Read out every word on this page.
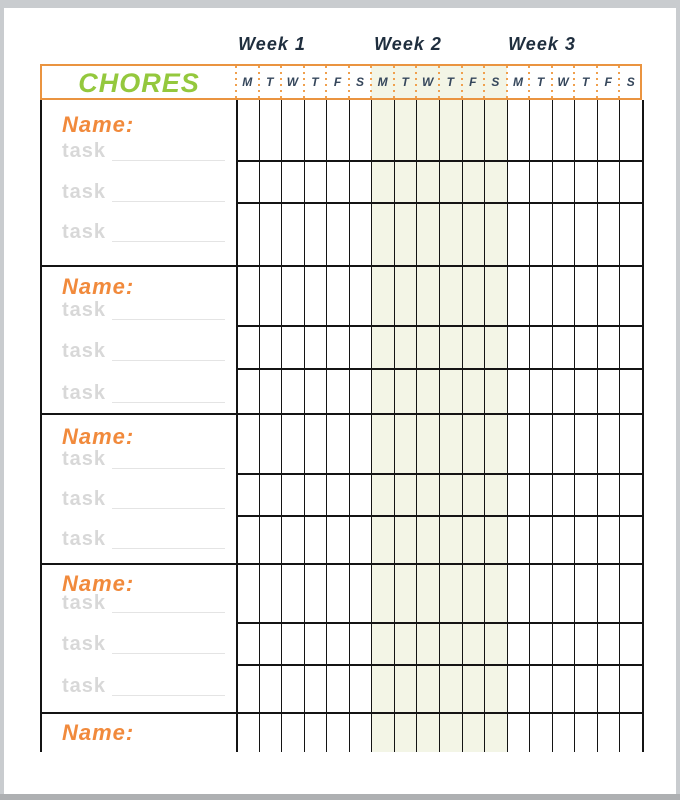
Week 1	Week 2	Week 3
CHORES	M	T	W	T	F	S	M	T	W	T	F	S	M	T	W	T	F	S
Name:
task
task
task
Name:
task
task
task
Name:
task
task
task
Name:
task
task
task
Name:
